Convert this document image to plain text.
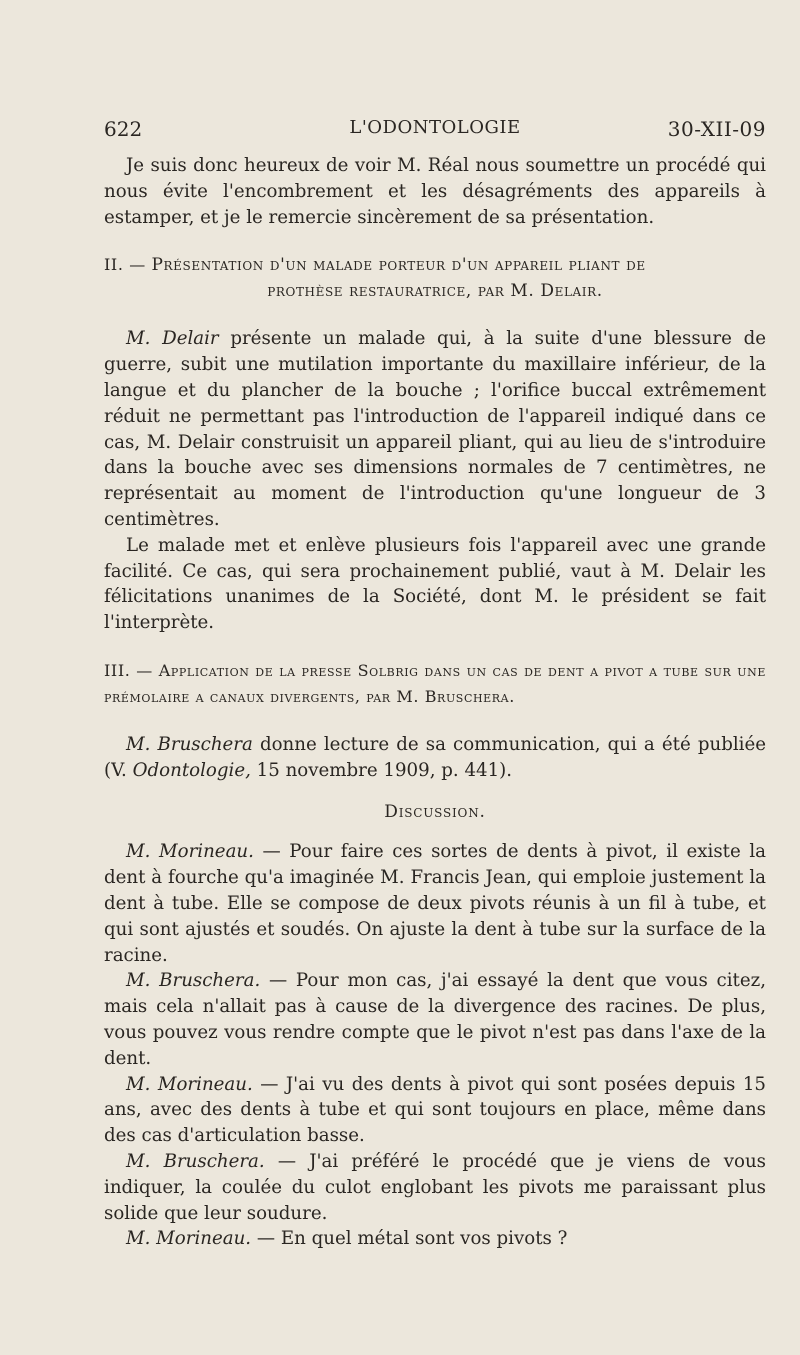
622	L'ODONTOLOGIE	30-XII-09

Je suis donc heureux de voir M. Réal nous soumettre un procédé qui nous évite l'encombrement et les désagréments des appareils à estamper, et je le remercie sincèrement de sa présentation.

II. — Présentation d'un malade porteur d'un appareil pliant de
prothèse restauratrice, par M. Delair.

M. Delair présente un malade qui, à la suite d'une blessure de guerre, subit une mutilation importante du maxillaire inférieur, de la langue et du plancher de la bouche ; l'orifice buccal extrêmement réduit ne permettant pas l'introduction de l'appareil indiqué dans ce cas, M. Delair construisit un appareil pliant, qui au lieu de s'introduire dans la bouche avec ses dimensions normales de 7 centimètres, ne représentait au moment de l'introduction qu'une longueur de 3 centimètres.

Le malade met et enlève plusieurs fois l'appareil avec une grande facilité. Ce cas, qui sera prochainement publié, vaut à M. Delair les félicitations unanimes de la Société, dont M. le président se fait l'interprète.

III. — Application de la presse Solbrig dans un cas de dent a pivot a tube sur une prémolaire a canaux divergents, par M. Bruschera.

M. Bruschera donne lecture de sa communication, qui a été publiée (V. Odontologie, 15 novembre 1909, p. 441).

Discussion.

M. Morineau. — Pour faire ces sortes de dents à pivot, il existe la dent à fourche qu'a imaginée M. Francis Jean, qui emploie justement la dent à tube. Elle se compose de deux pivots réunis à un fil à tube, et qui sont ajustés et soudés. On ajuste la dent à tube sur la surface de la racine.

M. Bruschera. — Pour mon cas, j'ai essayé la dent que vous citez, mais cela n'allait pas à cause de la divergence des racines. De plus, vous pouvez vous rendre compte que le pivot n'est pas dans l'axe de la dent.

M. Morineau. — J'ai vu des dents à pivot qui sont posées depuis 15 ans, avec des dents à tube et qui sont toujours en place, même dans des cas d'articulation basse.

M. Bruschera. — J'ai préféré le procédé que je viens de vous indiquer, la coulée du culot englobant les pivots me paraissant plus solide que leur soudure.

M. Morineau. — En quel métal sont vos pivots ?
